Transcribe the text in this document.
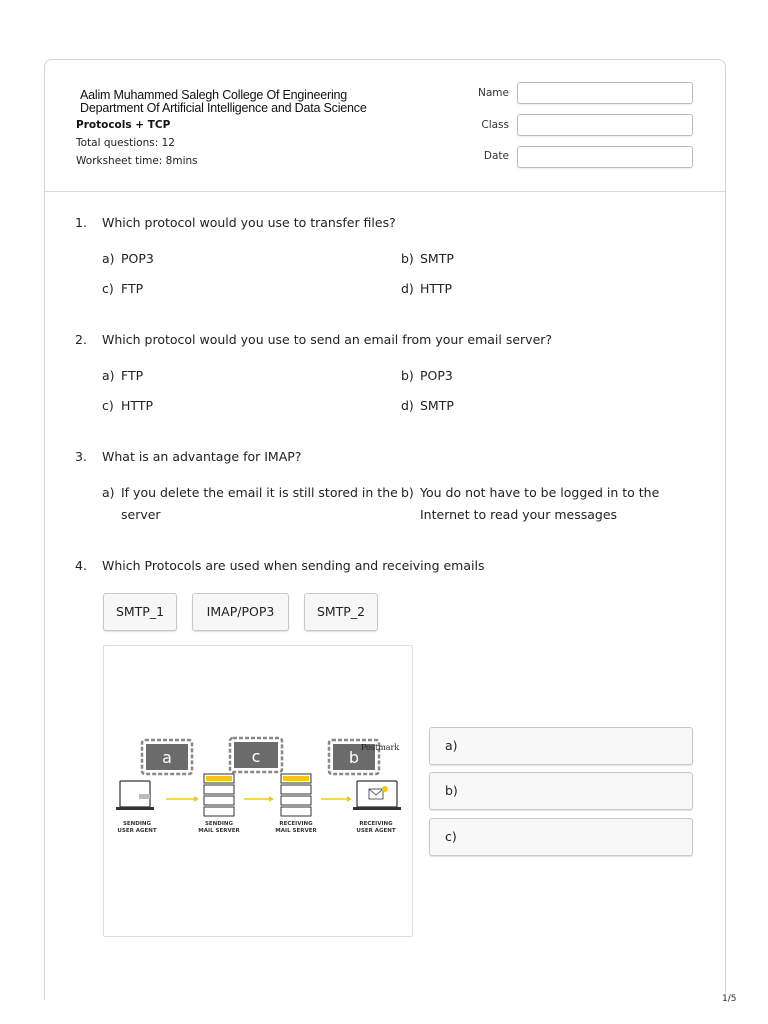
Aalim Muhammed Salegh College Of Engineering
Department Of Artificial Intelligence and Data Science
Protocols + TCP
Total questions: 12
Worksheet time: 8mins
Name
Class
Date
1. Which protocol would you use to transfer files?
a) POP3	b) SMTP
c) FTP	d) HTTP
2. Which protocol would you use to send an email from your email server?
a) FTP	b) POP3
c) HTTP	d) SMTP
3. What is an advantage for IMAP?
a) If you delete the email it is still stored in the
server
b) You do not have to be logged in to the
Internet to read your messages
4. Which Protocols are used when sending and receiving emails
SMTP_1	IMAP/POP3	SMTP_2
a	c	b
Postmark
SENDING
USER AGENT
SENDING
MAIL SERVER
RECEIVING
MAIL SERVER
RECEIVING
USER AGENT
a)
b)
c)
1/5
